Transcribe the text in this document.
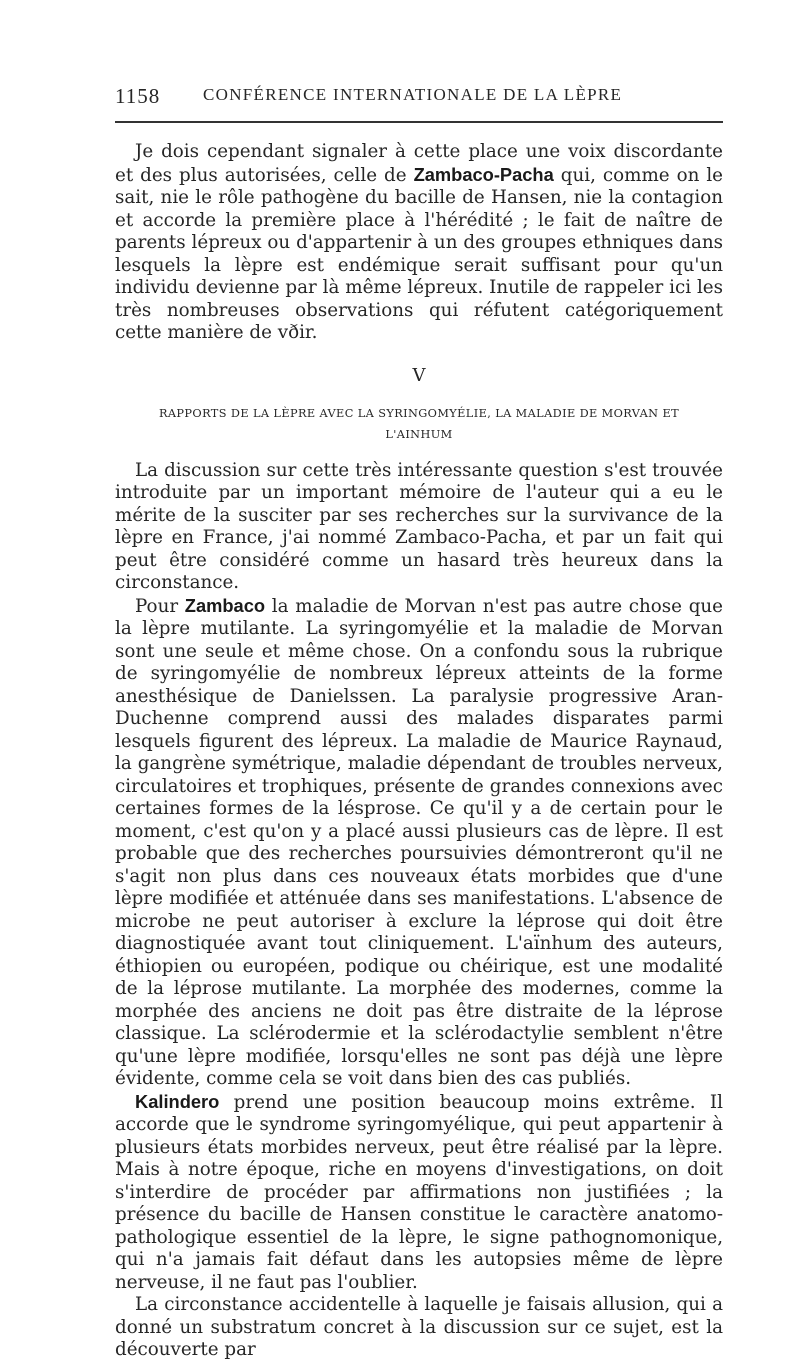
1158	CONFÉRENCE INTERNATIONALE DE LA LÈPRE

Je dois cependant signaler à cette place une voix discordante et des plus autorisées, celle de Zambaco-Pacha qui, comme on le sait, nie le rôle pathogène du bacille de Hansen, nie la contagion et accorde la première place à l'hérédité ; le fait de naître de parents lépreux ou d'appartenir à un des groupes ethniques dans lesquels la lèpre est endémique serait suffisant pour qu'un individu devienne par là même lépreux. Inutile de rappeler ici les très nombreuses observations qui réfutent catégoriquement cette manière de vðir.

V
RAPPORTS DE LA LÈPRE AVEC LA SYRINGOMYÉLIE, LA MALADIE DE MORVAN ET
L'AINHUM

La discussion sur cette très intéressante question s'est trouvée introduite par un important mémoire de l'auteur qui a eu le mérite de la susciter par ses recherches sur la survivance de la lèpre en France, j'ai nommé Zambaco-Pacha, et par un fait qui peut être considéré comme un hasard très heureux dans la circonstance.

Pour Zambaco la maladie de Morvan n'est pas autre chose que la lèpre mutilante. La syringomyélie et la maladie de Morvan sont une seule et même chose. On a confondu sous la rubrique de syringomyélie de nombreux lépreux atteints de la forme anesthésique de Danielssen. La paralysie progressive Aran-Duchenne comprend aussi des malades disparates parmi lesquels figurent des lépreux. La maladie de Maurice Raynaud, la gangrène symétrique, maladie dépendant de troubles nerveux, circulatoires et trophiques, présente de grandes connexions avec certaines formes de la lésprose. Ce qu'il y a de certain pour le moment, c'est qu'on y a placé aussi plusieurs cas de lèpre. Il est probable que des recherches poursuivies démontreront qu'il ne s'agit non plus dans ces nouveaux états morbides que d'une lèpre modifiée et atténuée dans ses manifestations. L'absence de microbe ne peut autoriser à exclure la léprose qui doit être diagnostiquée avant tout cliniquement. L'aïnhum des auteurs, éthiopien ou européen, podique ou chéirique, est une modalité de la léprose mutilante. La morphée des modernes, comme la morphée des anciens ne doit pas être distraite de la léprose classique. La sclérodermie et la sclérodactylie semblent n'être qu'une lèpre modifiée, lorsqu'elles ne sont pas déjà une lèpre évidente, comme cela se voit dans bien des cas publiés.

Kalindero prend une position beaucoup moins extrême. Il accorde que le syndrome syringomyélique, qui peut appartenir à plusieurs états morbides nerveux, peut être réalisé par la lèpre. Mais à notre époque, riche en moyens d'investigations, on doit s'interdire de procéder par affirmations non justifiées ; la présence du bacille de Hansen constitue le caractère anatomo-pathologique essentiel de la lèpre, le signe pathognomonique, qui n'a jamais fait défaut dans les autopsies même de lèpre nerveuse, il ne faut pas l'oublier.

La circonstance accidentelle à laquelle je faisais allusion, qui a donné un substratum concret à la discussion sur ce sujet, est la découverte par
